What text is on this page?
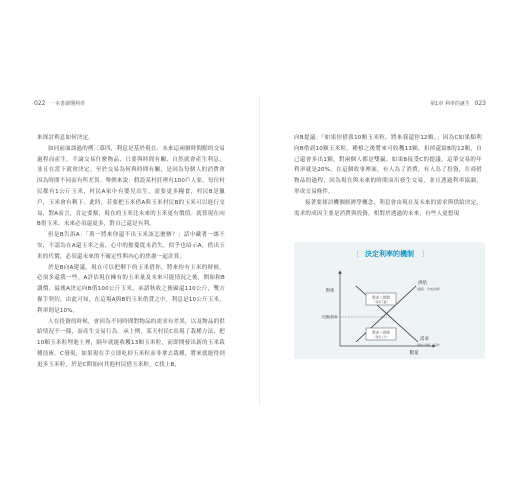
022 一本書讀懂利率

來探討利息如何決定。

如同前面談過的例三慕四，利息是基於現在、未來這兩個時間點的交易過程而產生。不論交易什麼物品，只要與時間有關，自然就會產生利息，並且在當下就會決定。至於交易為何與時間有關，是因為每個人的消費會因為時間不同而有所差異。舉例來說：假設某村莊裡有100戶人家，每位村民都有1公斤玉米，村民A家中有嬰兒出生，需要更多糧食，村民B是獵戶，玉米會有剩下。此時，若要把玉米借A與玉米村民B的玉米可以進行交易，對A而言，肯定要幫，現在的玉米比未來的玉米更有價值。就算現在向B借玉米，未來必須還更多，對自己還是有利。

但是B告訴A：「萬一將來你還不出玉米該怎麼辦？」話中藏著一絲不安，不認為在A還玉米之前，心中的擔憂從未消失，似乎也暗示A，借出玉米的代價，必須還未來的不確定性與內心的焦慮一起計算。

於是B向A建議，現在可以把剩下的玉米借你，將來你有玉米的時候，必須多還我一些。A評估現在擁有的玉米量及未來可能情況之後，開始和B講價，最後A決定向B借100公斤玉米，承諾秋收之後歸還110公斤，雙方握手契約，由此可知，在這場A與B的玉米借貸之中，利息是10公斤玉米，利率則是10%。

人在投資的時候，會因為不同時間對物品的需求有差異，以及物品的供給情況不一樣，而產生交易行為。承上例，某天村民C出現了栽種方法，把10顆玉米粒埋進土裡，隔年就能收穫13顆玉米粒，而即開發出新的玉米栽種技術。C發現，如果現在手立即吃掉玉米粒而非拿去栽種，將來就能得到更多玉米粒，於是C開始向其他村民借玉米粒。C找上B，

第1章 利率的誕生 023

向B提議：「如果你借我10顆玉米粒，將來我還你12顆。」因為C如果順利向B借到10顆玉米粒，種植之後將來可收穫13顆，扣掉還給B的12顆，自己還會多出1顆，對兩個人都是雙贏。如果B接受C的提議，這筆交易的年利率就是20%，在這個故事裡面，有人為了消費，有人為了投資，在商借物品的過程，因為現在與未來的時間而出發生交易，並且透過利率協調，形成交易條件。

接著要探討機個經濟學概念，利息會由現在及未來的需求與供給決定，需求的成因主要是消費與投資，相對於透過的未來，有些人更想現

〔 決定利率的機制 〕
利率
數量
均衡利率
供給
（儲蓄、未來消費）
需求
（現在消費、投資）
需求＜供給
（利率下跌）
需求＞供給
（利率上升）
